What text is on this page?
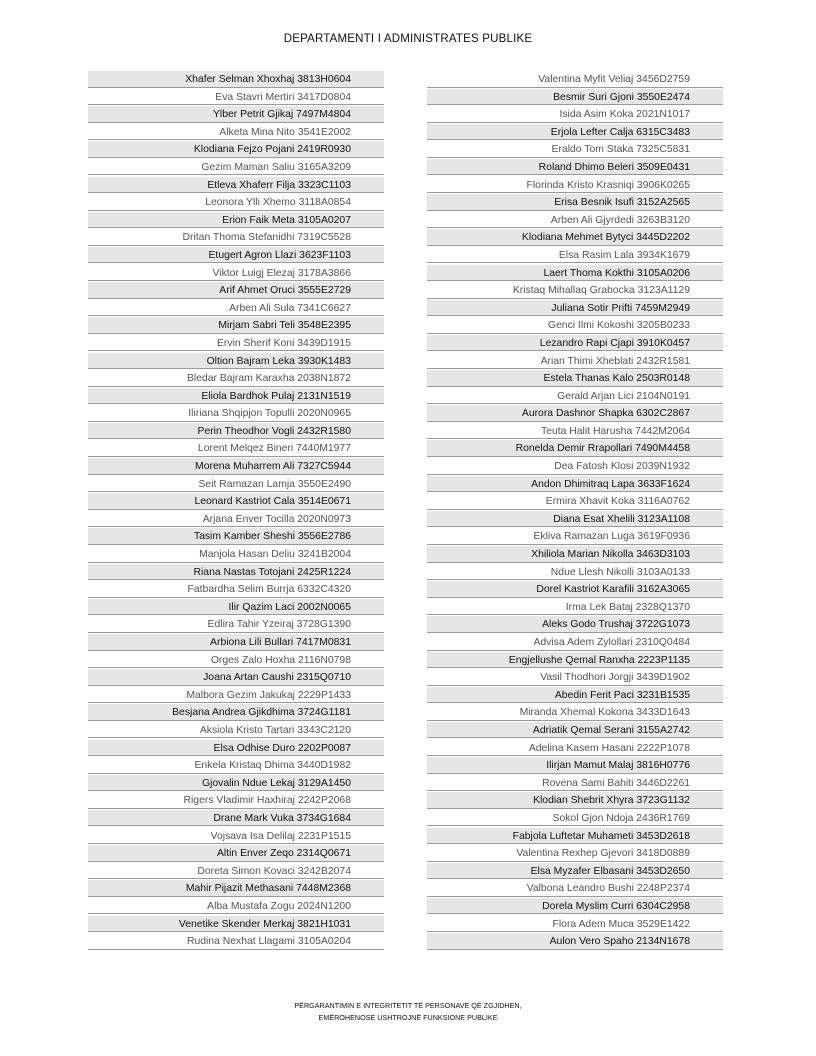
DEPARTAMENTI I ADMINISTRATES PUBLIKE
Xhafer Selman Xhoxhaj 3813H0604
Eva Stavri Mertiri 3417D0804
Ylber Petrit Gjikaj 7497M4804
Alketa Mina Nito 3541E2002
Klodiana Fejzo Pojani 2419R0930
Gezim Maman Saliu 3165A3209
Etleva Xhaferr Filja 3323C1103
Leonora Ylli Xhemo 3118A0854
Erion Faik Meta 3105A0207
Dritan Thoma Stefanidhi 7319C5528
Etugert Agron Llazi 3623F1103
Viktor Luigj Elezaj 3178A3866
Arif Ahmet Oruci 3555E2729
Arben Ali Sula 7341C6627
Mirjam Sabri Teli 3548E2395
Ervin Sherif Koni 3439D1915
Oltion Bajram Leka 3930K1483
Bledar Bajram Karaxha 2038N1872
Eliola Bardhok Pulaj 2131N1519
Iliriana Shqipjon Topulli 2020N0965
Perin Theodhor Vogli 2432R1580
Lorent Melqez Bineri 7440M1977
Morena Muharrem Ali 7327C5944
Seit Ramazan Lamja 3550E2490
Leonard Kastriot Cala 3514E0671
Arjana Enver Tocilla 2020N0973
Tasim Kamber Sheshi 3556E2786
Manjola Hasan Deliu 3241B2004
Riana Nastas Totojani 2425R1224
Fatbardha Selim Burrja 6332C4320
Ilir Qazim Laci 2002N0065
Edlira Tahir Yzeiraj 3728G1390
Arbiona Lili Bullari 7417M0831
Orges Zalo Hoxha 2116N0798
Joana Artan Caushi 2315Q0710
Malbora Gezim Jakukaj 2229P1433
Besjana Andrea Gjikdhima 3724G1181
Aksiola Kristo Tartari 3343C2120
Elsa Odhise Duro 2202P0087
Enkela Kristaq Dhima 3440D1982
Gjovalin Ndue Lekaj 3129A1450
Rigers Vladimir Haxhiraj 2242P2068
Drane Mark Vuka 3734G1684
Vojsava Isa Delilaj 2231P1515
Altin Enver Zeqo 2314Q0671
Doreta Simon Kovaci 3242B2074
Mahir Pijazit Methasani 7448M2368
Alba Mustafa Zogu 2024N1200
Venetike Skender Merkaj 3821H1031
Rudina Nexhat Llagami 3105A0204
Valentina Myfit Veliaj 3456D2759
Besmir Suri Gjoni 3550E2474
Isida Asim Koka 2021N1017
Erjola Lefter Calja 6315C3483
Eraldo Tom Staka 7325C5831
Roland Dhimo Beleri 3509E0431
Florinda Kristo Krasniqi 3906K0265
Erisa Besnik Isufi 3152A2565
Arben Ali Gjyrdedi 3263B3120
Klodiana Mehmet Bytyci 3445D2202
Elsa Rasim Lala 3934K1679
Laert Thoma Kokthi 3105A0206
Kristaq Mihallaq Grabocka 3123A1129
Juliana Sotir Prifti 7459M2949
Genci Ilmi Kokoshi 3205B0233
Lezandro Rapi Cjapi 3910K0457
Arian Thimi Xheblati 2432R1581
Estela Thanas Kalo 2503R0148
Gerald Arjan Lici 2104N0191
Aurora Dashnor Shapka 6302C2867
Teuta Halit Harusha 7442M2064
Ronelda Demir Rrapollari 7490M4458
Dea Fatosh Klosi 2039N1932
Andon Dhimitraq Lapa 3633F1624
Ermira Xhavit Koka 3116A0762
Diana Esat Xhelili 3123A1108
Ekliva Ramazan Luga 3619F0936
Xhiliola Marian Nikolla 3463D3103
Ndue Llesh Nikolli 3103A0133
Dorel Kastriot Karafili 3162A3065
Irma Lek Bataj 2328Q1370
Aleks Godo Trushaj 3722G1073
Advisa Adem Zylollari 2310Q0484
Engjellushe Qemal Ranxha 2223P1135
Vasil Thodhori Jorgji 3439D1902
Abedin Ferit Paci 3231B1535
Miranda Xhemal Kokona 3433D1643
Adriatik Qemal Serani 3155A2742
Adelina Kasem Hasani 2222P1078
Ilirjan Mamut Malaj 3816H0776
Rovena Sami Bahiti 3446D2261
Klodian Shebrit Xhyra 3723G1132
Sokol Gjon Ndoja 2436R1769
Fabjola Luftetar Muhameti 3453D2618
Valentina Rexhep Gjevori 3418D0889
Elsa Myzafer Elbasani 3453D2650
Valbona Leandro Bushi 2248P2374
Dorela Myslim Curri 6304C2958
Flora Adem Muca 3529E1422
Aulon Vero Spaho 2134N1678
PËRGARANTIMIN E INTEGRITETIT TË PERSONAVE QË ZGJIDHEN,
EMËROHENOSE USHTROJNË FUNKSIONE PUBLIKE
